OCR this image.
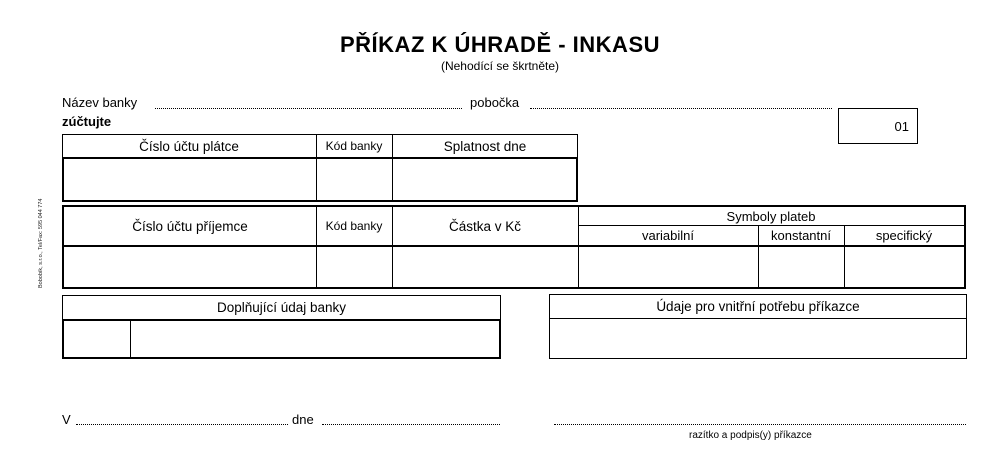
PŘÍKAZ K ÚHRADĚ - INKASU
(Nehodící se škrtněte)
Název banky	pobočka
zúčtujte	01
Číslo účtu plátce	Kód banky	Splatnost dne
Bobobík, s.r.o., Tel/Fax: 595 044 774	Číslo účtu příjemce	Kód banky	Částka v Kč
Symboly plateb
variabilní	konstantní	specifický
Doplňující údaj banky	Údaje pro vnitřní potřebu příkazce
V	dne
razítko a podpis(y) příkazce
